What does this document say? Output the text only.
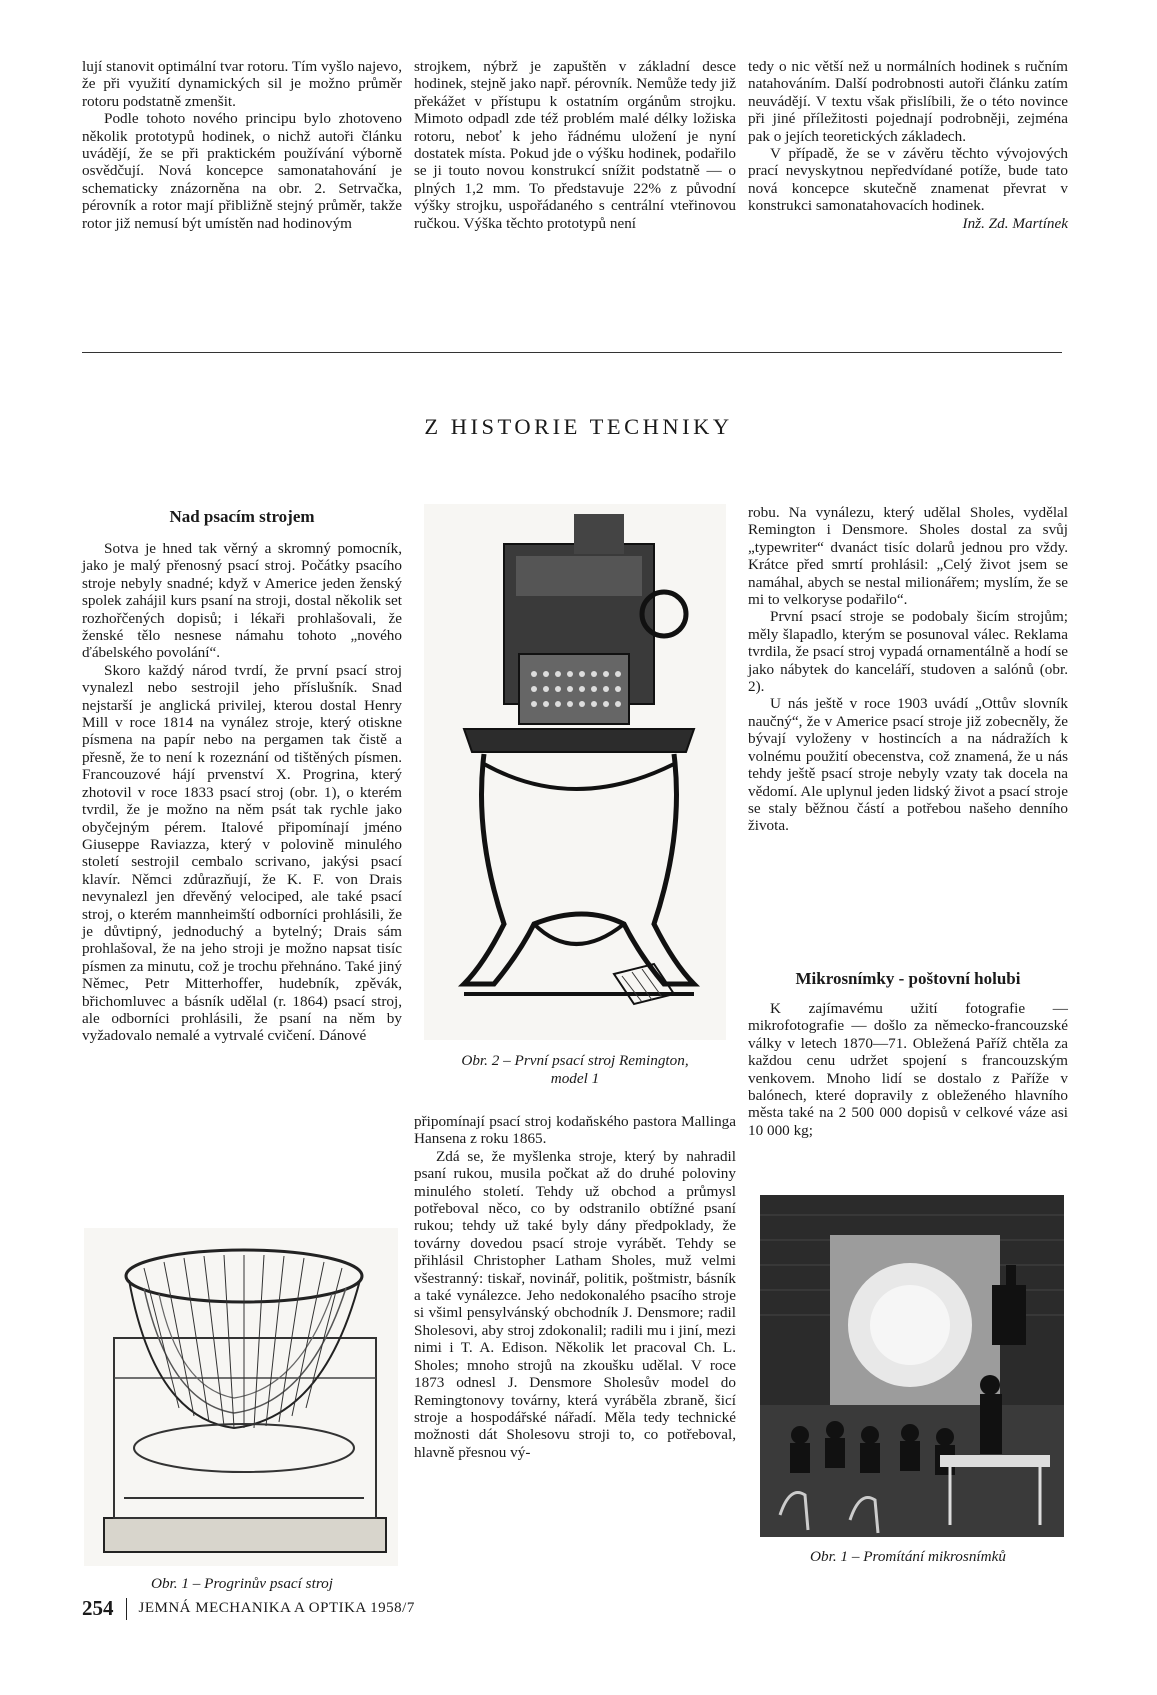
lují stanovit optimální tvar rotoru. Tím vyšlo najevo, že při využití dynamických sil je možno průměr rotoru podstatně zmenšit.

Podle tohoto nového principu bylo zhotoveno několik prototypů hodinek, o nichž autoři článku uvádějí, že se při praktickém používání výborně osvědčují. Nová koncepce samonatahování je schematicky znázorněna na obr. 2. Setrvačka, pérovník a rotor mají přibližně stejný průměr, takže rotor již nemusí být umístěn nad hodinovým

strojkem, nýbrž je zapuštěn v základní desce hodinek, stejně jako např. pérovník. Nemůže tedy již překážet v přístupu k ostatním orgánům strojku. Mimoto odpadl zde též problém malé délky ložiska rotoru, neboť k jeho řádnému uložení je nyní dostatek místa. Pokud jde o výšku hodinek, podařilo se ji touto novou konstrukcí snížit podstatně — o plných 1,2 mm. To představuje 22% z původní výšky strojku, uspořádaného s centrální vteřinovou ručkou. Výška těchto prototypů není

tedy o nic větší než u normálních hodinek s ručním natahováním. Další podrobnosti autoři článku zatím neuvádějí. V textu však přislíbili, že o této novince při jiné příležitosti pojednají podrobněji, zejména pak o jejích teoretických základech.

V případě, že se v závěru těchto vývojových prací nevyskytnou nepředvídané potíže, bude tato nová koncepce skutečně znamenat převrat v konstrukci samonatahovacích hodinek.

Inž. Zd. Martínek

Z HISTORIE TECHNIKY
Nad psacím strojem

Sotva je hned tak věrný a skromný pomocník, jako je malý přenosný psací stroj. Počátky psacího stroje nebyly snadné; když v Americe jeden ženský spolek zahájil kurs psaní na stroji, dostal několik set rozhořčených dopisů; i lékaři prohlašovali, že ženské tělo nesnese námahu tohoto „nového ďábelského povolání“.

Skoro každý národ tvrdí, že první psací stroj vynalezl nebo sestrojil jeho příslušník. Snad nejstarší je anglická privilej, kterou dostal Henry Mill v roce 1814 na vynález stroje, který otiskne písmena na papír nebo na pergamen tak čistě a přesně, že to není k rozeznání od tištěných písmen. Francouzové hájí prvenství X. Progrina, který zhotovil v roce 1833 psací stroj (obr. 1), o kterém tvrdil, že je možno na něm psát tak rychle jako obyčejným pérem. Italové připomínají jméno Giuseppe Raviazza, který v polovině minulého století sestrojil cembalo scrivano, jakýsi psací klavír. Němci zdůrazňují, že K. F. von Drais nevynalezl jen dřevěný velociped, ale také psací stroj, o kterém mannheimští odborníci prohlásili, že je důvtipný, jednoduchý a bytelný; Drais sám prohlašoval, že na jeho stroji je možno napsat tisíc písmen za minutu, což je trochu přehnáno. Také jiný Němec, Petr Mitterhoffer, hudebník, zpěvák, břichomluvec a básník udělal (r. 1864) psací stroj, ale odborníci prohlásili, že psaní na něm by vyžadovalo nemalé a vytrvalé cvičení. Dánové

Obr. 1 – Progrinův psací stroj
Obr. 2 – První psací stroj Remington,
model 1

připomínají psací stroj kodaňského pastora Mallinga Hansena z roku 1865.

Zdá se, že myšlenka stroje, který by nahradil psaní rukou, musila počkat až do druhé poloviny minulého století. Tehdy už obchod a průmysl potřeboval něco, co by odstranilo obtížné psaní rukou; tehdy už také byly dány předpoklady, že továrny dovedou psací stroje vyrábět. Tehdy se přihlásil Christopher Latham Sholes, muž velmi všestranný: tiskař, novinář, politik, poštmistr, básník a také vynálezce. Jeho nedokonalého psacího stroje si všiml pensylvánský obchodník J. Densmore; radil Sholesovi, aby stroj zdokonalil; radili mu i jiní, mezi nimi i T. A. Edison. Několik let pracoval Ch. L. Sholes; mnoho strojů na zkoušku udělal. V roce 1873 odnesl J. Densmore Sholesův model do Remingtonovy továrny, která vyráběla zbraně, šicí stroje a hospodářské nářadí. Měla tedy technické možnosti dát Sholesovu stroji to, co potřeboval, hlavně přesnou vý-

robu. Na vynálezu, který udělal Sholes, vydělal Remington i Densmore. Sholes dostal za svůj „typewriter“ dvanáct tisíc dolarů jednou pro vždy. Krátce před smrtí prohlásil: „Celý život jsem se namáhal, abych se nestal milionářem; myslím, že se mi to velkoryse podařilo“.

První psací stroje se podobaly šicím strojům; měly šlapadlo, kterým se posunoval válec. Reklama tvrdila, že psací stroj vypadá ornamentálně a hodí se jako nábytek do kanceláří, studoven a salónů (obr. 2).

U nás ještě v roce 1903 uvádí „Ottův slovník naučný“, že v Americe psací stroje již zobecněly, že bývají vyloženy v hostincích a na nádražích k volnému použití obecenstva, což znamená, že u nás tehdy ještě psací stroje nebyly vzaty tak docela na vědomí. Ale uplynul jeden lidský život a psací stroje se staly běžnou částí a potřebou našeho denního života.

Mikrosnímky - poštovní holubi

K zajímavému užití fotografie — mikrofotografie — došlo za německo-francouzské války v letech 1870—71. Obležená Paříž chtěla za každou cenu udržet spojení s francouzským venkovem. Mnoho lidí se dostalo z Paříže v balónech, které dopravily z obleženého hlavního města také na 2 500 000 dopisů v celkové váze asi 10 000 kg;

Obr. 1 – Promítání mikrosnímků
254 JEMNÁ MECHANIKA A OPTIKA 1958/7
